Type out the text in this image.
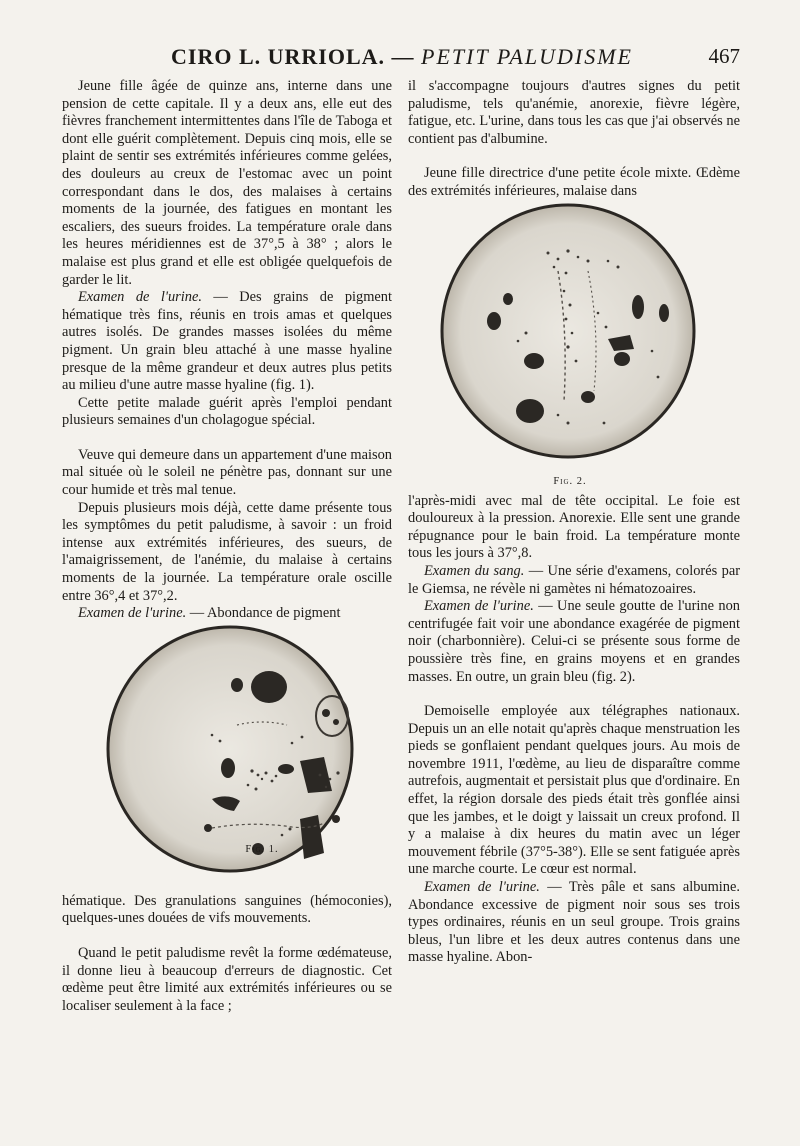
CIRO L. URRIOLA. — PETIT PALUDISME	467

Jeune fille âgée de quinze ans, interne dans une pension de cette capitale. Il y a deux ans, elle eut des fièvres franchement intermittentes dans l'île de Taboga et dont elle guérit complètement. Depuis cinq mois, elle se plaint de sentir ses extrémités inférieures comme gelées, des douleurs au creux de l'estomac avec un point correspondant dans le dos, des malaises à certains moments de la journée, des fatigues en montant les escaliers, des sueurs froides. La température orale dans les heures méridiennes est de 37°,5 à 38° ; alors le malaise est plus grand et elle est obligée quelquefois de garder le lit.

Examen de l'urine. — Des grains de pigment hématique très fins, réunis en trois amas et quelques autres isolés. De grandes masses isolées du même pigment. Un grain bleu attaché à une masse hyaline presque de la même grandeur et deux autres plus petits au milieu d'une autre masse hyaline (fig. 1).

Cette petite malade guérit après l'emploi pendant plusieurs semaines d'un cholagogue spécial.

Veuve qui demeure dans un appartement d'une maison mal située où le soleil ne pénètre pas, donnant sur une cour humide et très mal tenue.

Depuis plusieurs mois déjà, cette dame présente tous les symptômes du petit paludisme, à savoir : un froid intense aux extrémités inférieures, des sueurs, de l'amaigrissement, de l'anémie, du malaise à certains moments de la journée. La température orale oscille entre 36°,4 et 37°,2.

Examen de l'urine. — Abondance de pigment

Fig. 1.

hématique. Des granulations sanguines (hémoconies), quelques-unes douées de vifs mouvements.

Quand le petit paludisme revêt la forme œdémateuse, il donne lieu à beaucoup d'erreurs de diagnostic. Cet œdème peut être limité aux extrémités inférieures ou se localiser seulement à la face ;

il s'accompagne toujours d'autres signes du petit paludisme, tels qu'anémie, anorexie, fièvre légère, fatigue, etc. L'urine, dans tous les cas que j'ai observés ne contient pas d'albumine.

Jeune fille directrice d'une petite école mixte. Œdème des extrémités inférieures, malaise dans

Fig. 2.

l'après-midi avec mal de tête occipital. Le foie est douloureux à la pression. Anorexie. Elle sent une grande répugnance pour le bain froid. La température monte tous les jours à 37°,8.

Examen du sang. — Une série d'examens, colorés par le Giemsa, ne révèle ni gamètes ni hématozoaires.

Examen de l'urine. — Une seule goutte de l'urine non centrifugée fait voir une abondance exagérée de pigment noir (charbonnière). Celui-ci se présente sous forme de poussière très fine, en grains moyens et en grandes masses. En outre, un grain bleu (fig. 2).

Demoiselle employée aux télégraphes nationaux. Depuis un an elle notait qu'après chaque menstruation les pieds se gonflaient pendant quelques jours. Au mois de novembre 1911, l'œdème, au lieu de disparaître comme autrefois, augmentait et persistait plus que d'ordinaire. En effet, la région dorsale des pieds était très gonflée ainsi que les jambes, et le doigt y laissait un creux profond. Il y a malaise à dix heures du matin avec un léger mouvement fébrile (37°5-38°). Elle se sent fatiguée après une marche courte. Le cœur est normal.

Examen de l'urine. — Très pâle et sans albumine. Abondance excessive de pigment noir sous ses trois types ordinaires, réunis en un seul groupe. Trois grains bleus, l'un libre et les deux autres contenus dans une masse hyaline. Abon-
